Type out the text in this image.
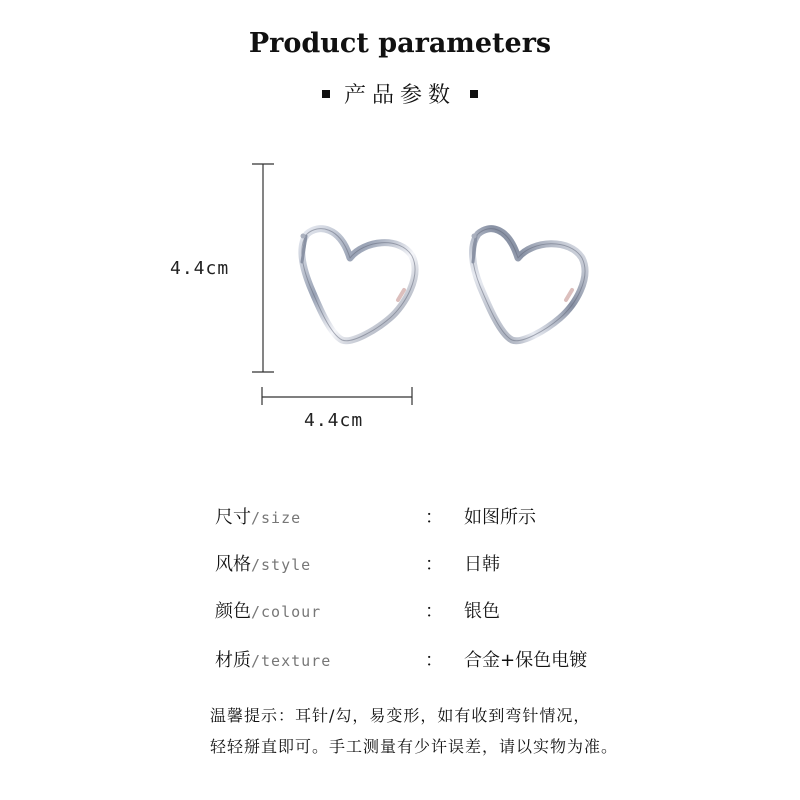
Product parameters
产品参数
4.4cm
4.4cm
尺寸/size	： 如图所示
风格/style	： 日韩
颜色/colour	： 银色
材质/texture	： 合金+保色电镀
温馨提示：耳针/勾，易变形，如有收到弯针情况，
轻轻掰直即可。手工测量有少许误差，请以实物为准。
